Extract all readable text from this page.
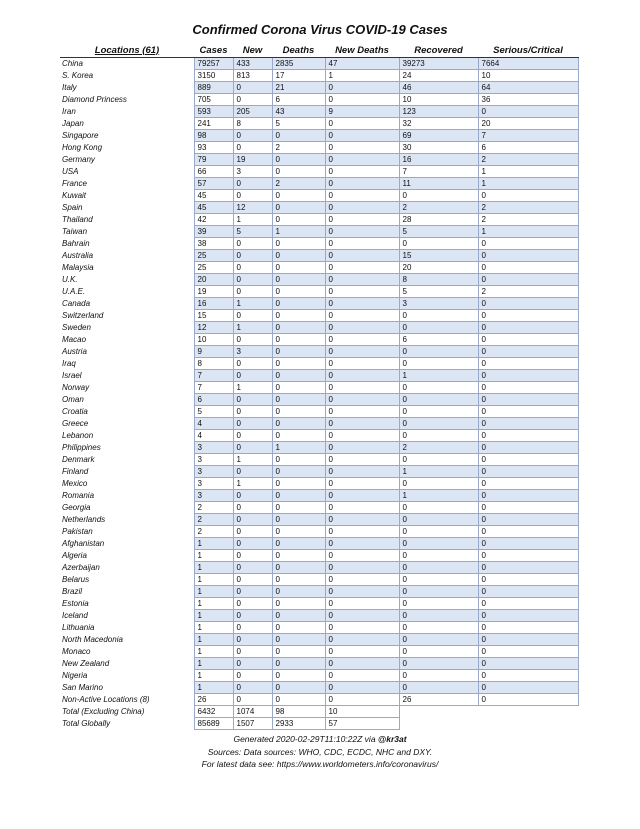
Confirmed Corona Virus COVID-19 Cases
Locations (61)	Cases	New	Deaths	New Deaths	Recovered	Serious/Critical
China	79257	433	2835	47	39273	7664
S. Korea	3150	813	17	1	24	10
Italy	889	0	21	0	46	64
Diamond Princess	705	0	6	0	10	36
Iran	593	205	43	9	123	0
Japan	241	8	5	0	32	20
Singapore	98	0	0	0	69	7
Hong Kong	93	0	2	0	30	6
Germany	79	19	0	0	16	2
USA	66	3	0	0	7	1
France	57	0	2	0	11	1
Kuwait	45	0	0	0	0	0
Spain	45	12	0	0	2	2
Thailand	42	1	0	0	28	2
Taiwan	39	5	1	0	5	1
Bahrain	38	0	0	0	0	0
Australia	25	0	0	0	15	0
Malaysia	25	0	0	0	20	0
U.K.	20	0	0	0	8	0
U.A.E.	19	0	0	0	5	2
Canada	16	1	0	0	3	0
Switzerland	15	0	0	0	0	0
Sweden	12	1	0	0	0	0
Macao	10	0	0	0	6	0
Austria	9	3	0	0	0	0
Iraq	8	0	0	0	0	0
Israel	7	0	0	0	1	0
Norway	7	1	0	0	0	0
Oman	6	0	0	0	0	0
Croatia	5	0	0	0	0	0
Greece	4	0	0	0	0	0
Lebanon	4	0	0	0	0	0
Philippines	3	0	1	0	2	0
Denmark	3	1	0	0	0	0
Finland	3	0	0	0	1	0
Mexico	3	1	0	0	0	0
Romania	3	0	0	0	1	0
Georgia	2	0	0	0	0	0
Netherlands	2	0	0	0	0	0
Pakistan	2	0	0	0	0	0
Afghanistan	1	0	0	0	0	0
Algeria	1	0	0	0	0	0
Azerbaijan	1	0	0	0	0	0
Belarus	1	0	0	0	0	0
Brazil	1	0	0	0	0	0
Estonia	1	0	0	0	0	0
Iceland	1	0	0	0	0	0
Lithuania	1	0	0	0	0	0
North Macedonia	1	0	0	0	0	0
Monaco	1	0	0	0	0	0
New Zealand	1	0	0	0	0	0
Nigeria	1	0	0	0	0	0
San Marino	1	0	0	0	0	0
Non-Active Locations (8)	26	0	0	0	26	0
Total (Excluding China)	6432	1074	98	10		
Total Globally	85689	1507	2933	57		
Generated 2020-02-29T11:10:22Z via @kr3at
Sources: Data sources: WHO, CDC, ECDC, NHC and DXY.
For latest data see: https://www.worldometers.info/coronavirus/
